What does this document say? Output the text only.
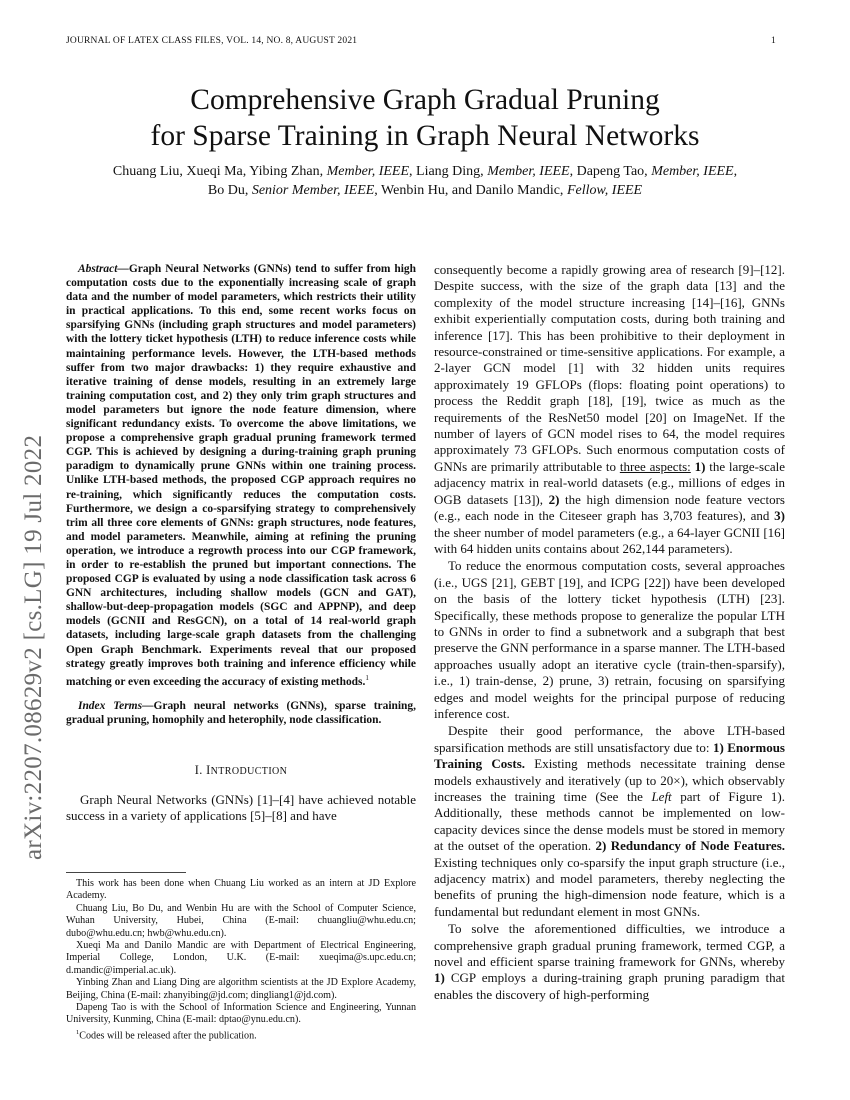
JOURNAL OF LATEX CLASS FILES, VOL. 14, NO. 8, AUGUST 2021	1
arXiv:2207.08629v2 [cs.LG] 19 Jul 2022
Comprehensive Graph Gradual Pruning
for Sparse Training in Graph Neural Networks
Chuang Liu, Xueqi Ma, Yibing Zhan, Member, IEEE, Liang Ding, Member, IEEE, Dapeng Tao, Member, IEEE,
Bo Du, Senior Member, IEEE, Wenbin Hu, and Danilo Mandic, Fellow, IEEE

Abstract—Graph Neural Networks (GNNs) tend to suffer from high computation costs due to the exponentially increasing scale of graph data and the number of model parameters, which restricts their utility in practical applications. To this end, some recent works focus on sparsifying GNNs (including graph structures and model parameters) with the lottery ticket hypothesis (LTH) to reduce inference costs while maintaining performance levels. However, the LTH-based methods suffer from two major drawbacks: 1) they require exhaustive and iterative training of dense models, resulting in an extremely large training computation cost, and 2) they only trim graph structures and model parameters but ignore the node feature dimension, where significant redundancy exists. To overcome the above limitations, we propose a comprehensive graph gradual pruning framework termed CGP. This is achieved by designing a during-training graph pruning paradigm to dynamically prune GNNs within one training process. Unlike LTH-based methods, the proposed CGP approach requires no re-training, which significantly reduces the computation costs. Furthermore, we design a co-sparsifying strategy to comprehensively trim all three core elements of GNNs: graph structures, node features, and model parameters. Meanwhile, aiming at refining the pruning operation, we introduce a regrowth process into our CGP framework, in order to re-establish the pruned but important connections. The proposed CGP is evaluated by using a node classification task across 6 GNN architectures, including shallow models (GCN and GAT), shallow-but-deep-propagation models (SGC and APPNP), and deep models (GCNII and ResGCN), on a total of 14 real-world graph datasets, including large-scale graph datasets from the challenging Open Graph Benchmark. Experiments reveal that our proposed strategy greatly improves both training and inference efficiency while matching or even exceeding the accuracy of existing methods.$^1$

Index Terms—Graph neural networks (GNNs), sparse training, gradual pruning, homophily and heterophily, node classification.

I. INTRODUCTION

Graph Neural Networks (GNNs) [1]–[4] have achieved notable success in a variety of applications [5]–[8] and have

This work has been done when Chuang Liu worked as an intern at JD Explore Academy.

Chuang Liu, Bo Du, and Wenbin Hu are with the School of Computer Science, Wuhan University, Hubei, China (E-mail: chuangliu@whu.edu.cn; dubo@whu.edu.cn; hwb@whu.edu.cn).

Xueqi Ma and Danilo Mandic are with Department of Electrical Engineering, Imperial College, London, U.K. (E-mail: xueqima@s.upc.edu.cn; d.mandic@imperial.ac.uk).

Yinbing Zhan and Liang Ding are algorithm scientists at the JD Explore Academy, Beijing, China (E-mail: zhanyibing@jd.com; dingliang1@jd.com).

Dapeng Tao is with the School of Information Science and Engineering, Yunnan University, Kunming, China (E-mail: dptao@ynu.edu.cn).

$^1$Codes will be released after the publication.

consequently become a rapidly growing area of research [9]–[12]. Despite success, with the size of the graph data [13] and the complexity of the model structure increasing [14]–[16], GNNs exhibit experientially computation costs, during both training and inference [17]. This has been prohibitive to their deployment in resource-constrained or time-sensitive applications. For example, a 2-layer GCN model [1] with 32 hidden units requires approximately 19 GFLOPs (flops: floating point operations) to process the Reddit graph [18], [19], twice as much as the requirements of the ResNet50 model [20] on ImageNet. If the number of layers of GCN model rises to 64, the model requires approximately 73 GFLOPs. Such enormous computation costs of GNNs are primarily attributable to three aspects: 1) the large-scale adjacency matrix in real-world datasets (e.g., millions of edges in OGB datasets [13]), 2) the high dimension node feature vectors (e.g., each node in the Citeseer graph has 3,703 features), and 3) the sheer number of model parameters (e.g., a 64-layer GCNII [16] with 64 hidden units contains about 262,144 parameters).

To reduce the enormous computation costs, several approaches (i.e., UGS [21], GEBT [19], and ICPG [22]) have been developed on the basis of the lottery ticket hypothesis (LTH) [23]. Specifically, these methods propose to generalize the popular LTH to GNNs in order to find a subnetwork and a subgraph that best preserve the GNN performance in a sparse manner. The LTH-based approaches usually adopt an iterative cycle (train-then-sparsify), i.e., 1) train-dense, 2) prune, 3) retrain, focusing on sparsifying edges and model weights for the principal purpose of reducing inference cost.

Despite their good performance, the above LTH-based sparsification methods are still unsatisfactory due to: 1) Enormous Training Costs. Existing methods necessitate training dense models exhaustively and iteratively (up to 20×), which observably increases the training time (See the Left part of Figure 1). Additionally, these methods cannot be implemented on low-capacity devices since the dense models must be stored in memory at the outset of the operation. 2) Redundancy of Node Features. Existing techniques only co-sparsify the input graph structure (i.e., adjacency matrix) and model parameters, thereby neglecting the benefits of pruning the high-dimension node feature, which is a fundamental but redundant element in most GNNs.

To solve the aforementioned difficulties, we introduce a comprehensive graph gradual pruning framework, termed CGP, a novel and efficient sparse training framework for GNNs, whereby 1) CGP employs a during-training graph pruning paradigm that enables the discovery of high-performing
